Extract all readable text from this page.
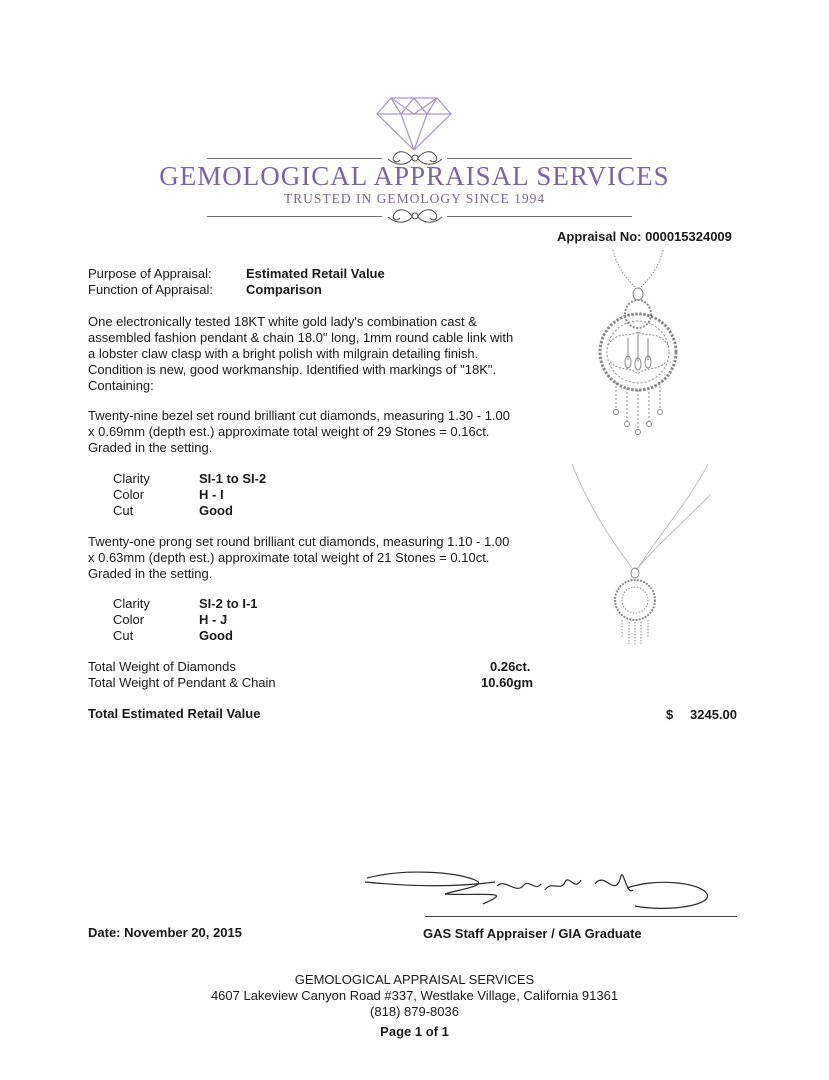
GEMOLOGICAL APPRAISAL SERVICES
TRUSTED IN GEMOLOGY SINCE 1994
Appraisal No: 000015324009
Purpose of Appraisal:	Estimated Retail Value
Function of Appraisal:	Comparison
One electronically tested 18KT white gold lady's combination cast & assembled fashion pendant & chain 18.0" long, 1mm round cable link with a lobster claw clasp with a bright polish with milgrain detailing finish. Condition is new, good workmanship. Identified with markings of "18K". Containing:
Twenty-nine bezel set round brilliant cut diamonds, measuring 1.30 - 1.00 x 0.69mm (depth est.) approximate total weight of 29 Stones = 0.16ct. Graded in the setting.
Clarity	SI-1 to SI-2
Color	H - I
Cut	Good
Twenty-one prong set round brilliant cut diamonds, measuring 1.10 - 1.00 x 0.63mm (depth est.) approximate total weight of 21 Stones = 0.10ct. Graded in the setting.
Clarity	SI-2 to I-1
Color	H - J
Cut	Good
Total Weight of Diamonds	0.26ct.
Total Weight of Pendant & Chain	10.60gm
Total Estimated Retail Value	$ 3245.00
Date: November 20, 2015	GAS Staff Appraiser / GIA Graduate
GEMOLOGICAL APPRAISAL SERVICES
4607 Lakeview Canyon Road #337, Westlake Village, California 91361
(818) 879-8036
Page 1 of 1
